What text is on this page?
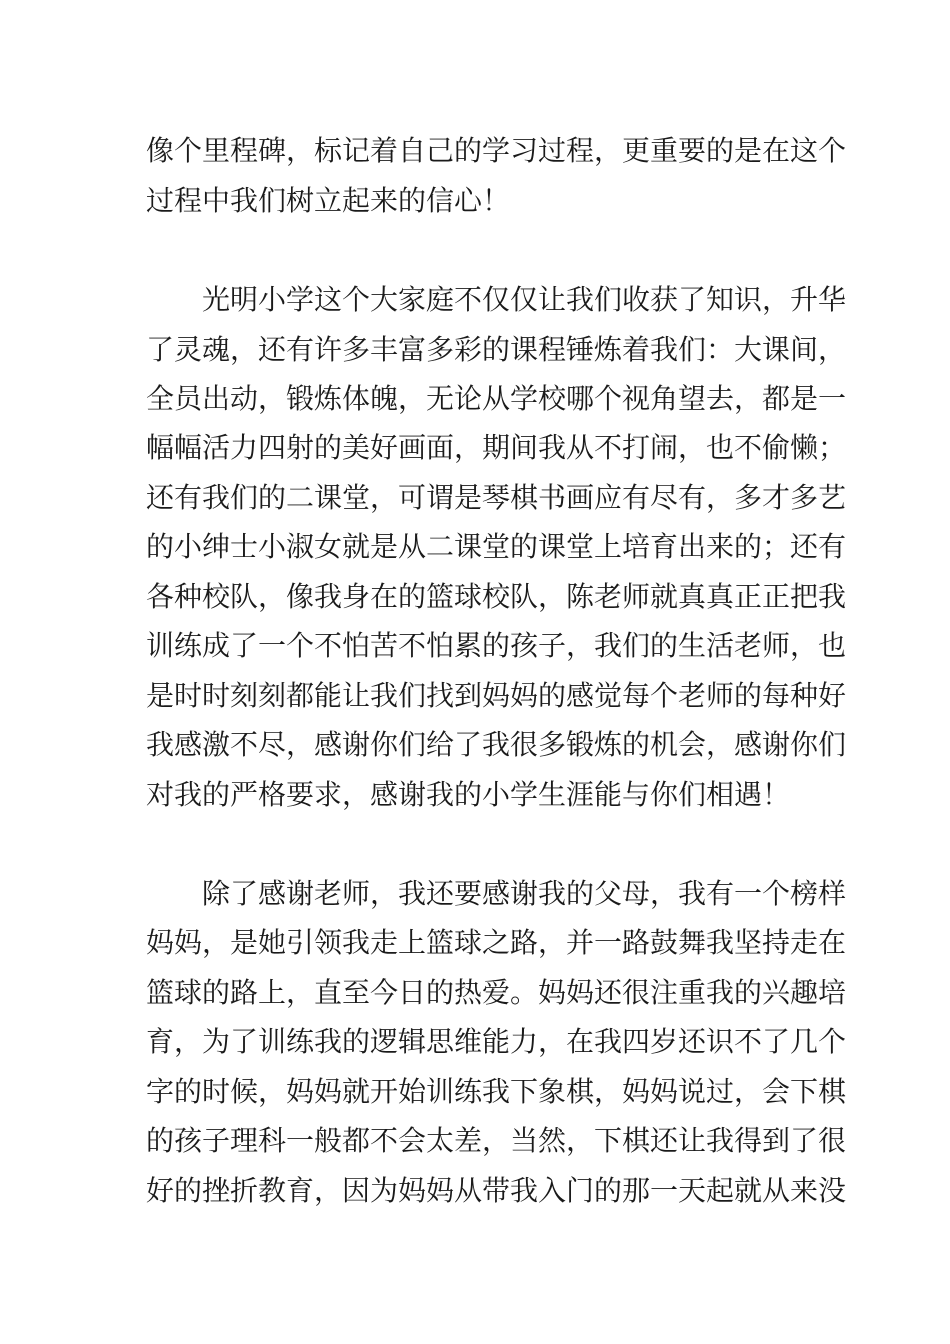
像个里程碑，标记着自己的学习过程，更重要的是在这个
过程中我们树立起来的信心！
光明小学这个大家庭不仅仅让我们收获了知识，升华
了灵魂，还有许多丰富多彩的课程锤炼着我们：大课间，
全员出动，锻炼体魄，无论从学校哪个视角望去，都是一
幅幅活力四射的美好画面，期间我从不打闹，也不偷懒；
还有我们的二课堂，可谓是琴棋书画应有尽有，多才多艺
的小绅士小淑女就是从二课堂的课堂上培育出来的；还有
各种校队，像我身在的篮球校队，陈老师就真真正正把我
训练成了一个不怕苦不怕累的孩子，我们的生活老师，也
是时时刻刻都能让我们找到妈妈的感觉每个老师的每种好
我感激不尽，感谢你们给了我很多锻炼的机会，感谢你们
对我的严格要求，感谢我的小学生涯能与你们相遇！
除了感谢老师，我还要感谢我的父母，我有一个榜样
妈妈，是她引领我走上篮球之路，并一路鼓舞我坚持走在
篮球的路上，直至今日的热爱。妈妈还很注重我的兴趣培
育，为了训练我的逻辑思维能力，在我四岁还识不了几个
字的时候，妈妈就开始训练我下象棋，妈妈说过，会下棋
的孩子理科一般都不会太差，当然，下棋还让我得到了很
好的挫折教育，因为妈妈从带我入门的那一天起就从来没
